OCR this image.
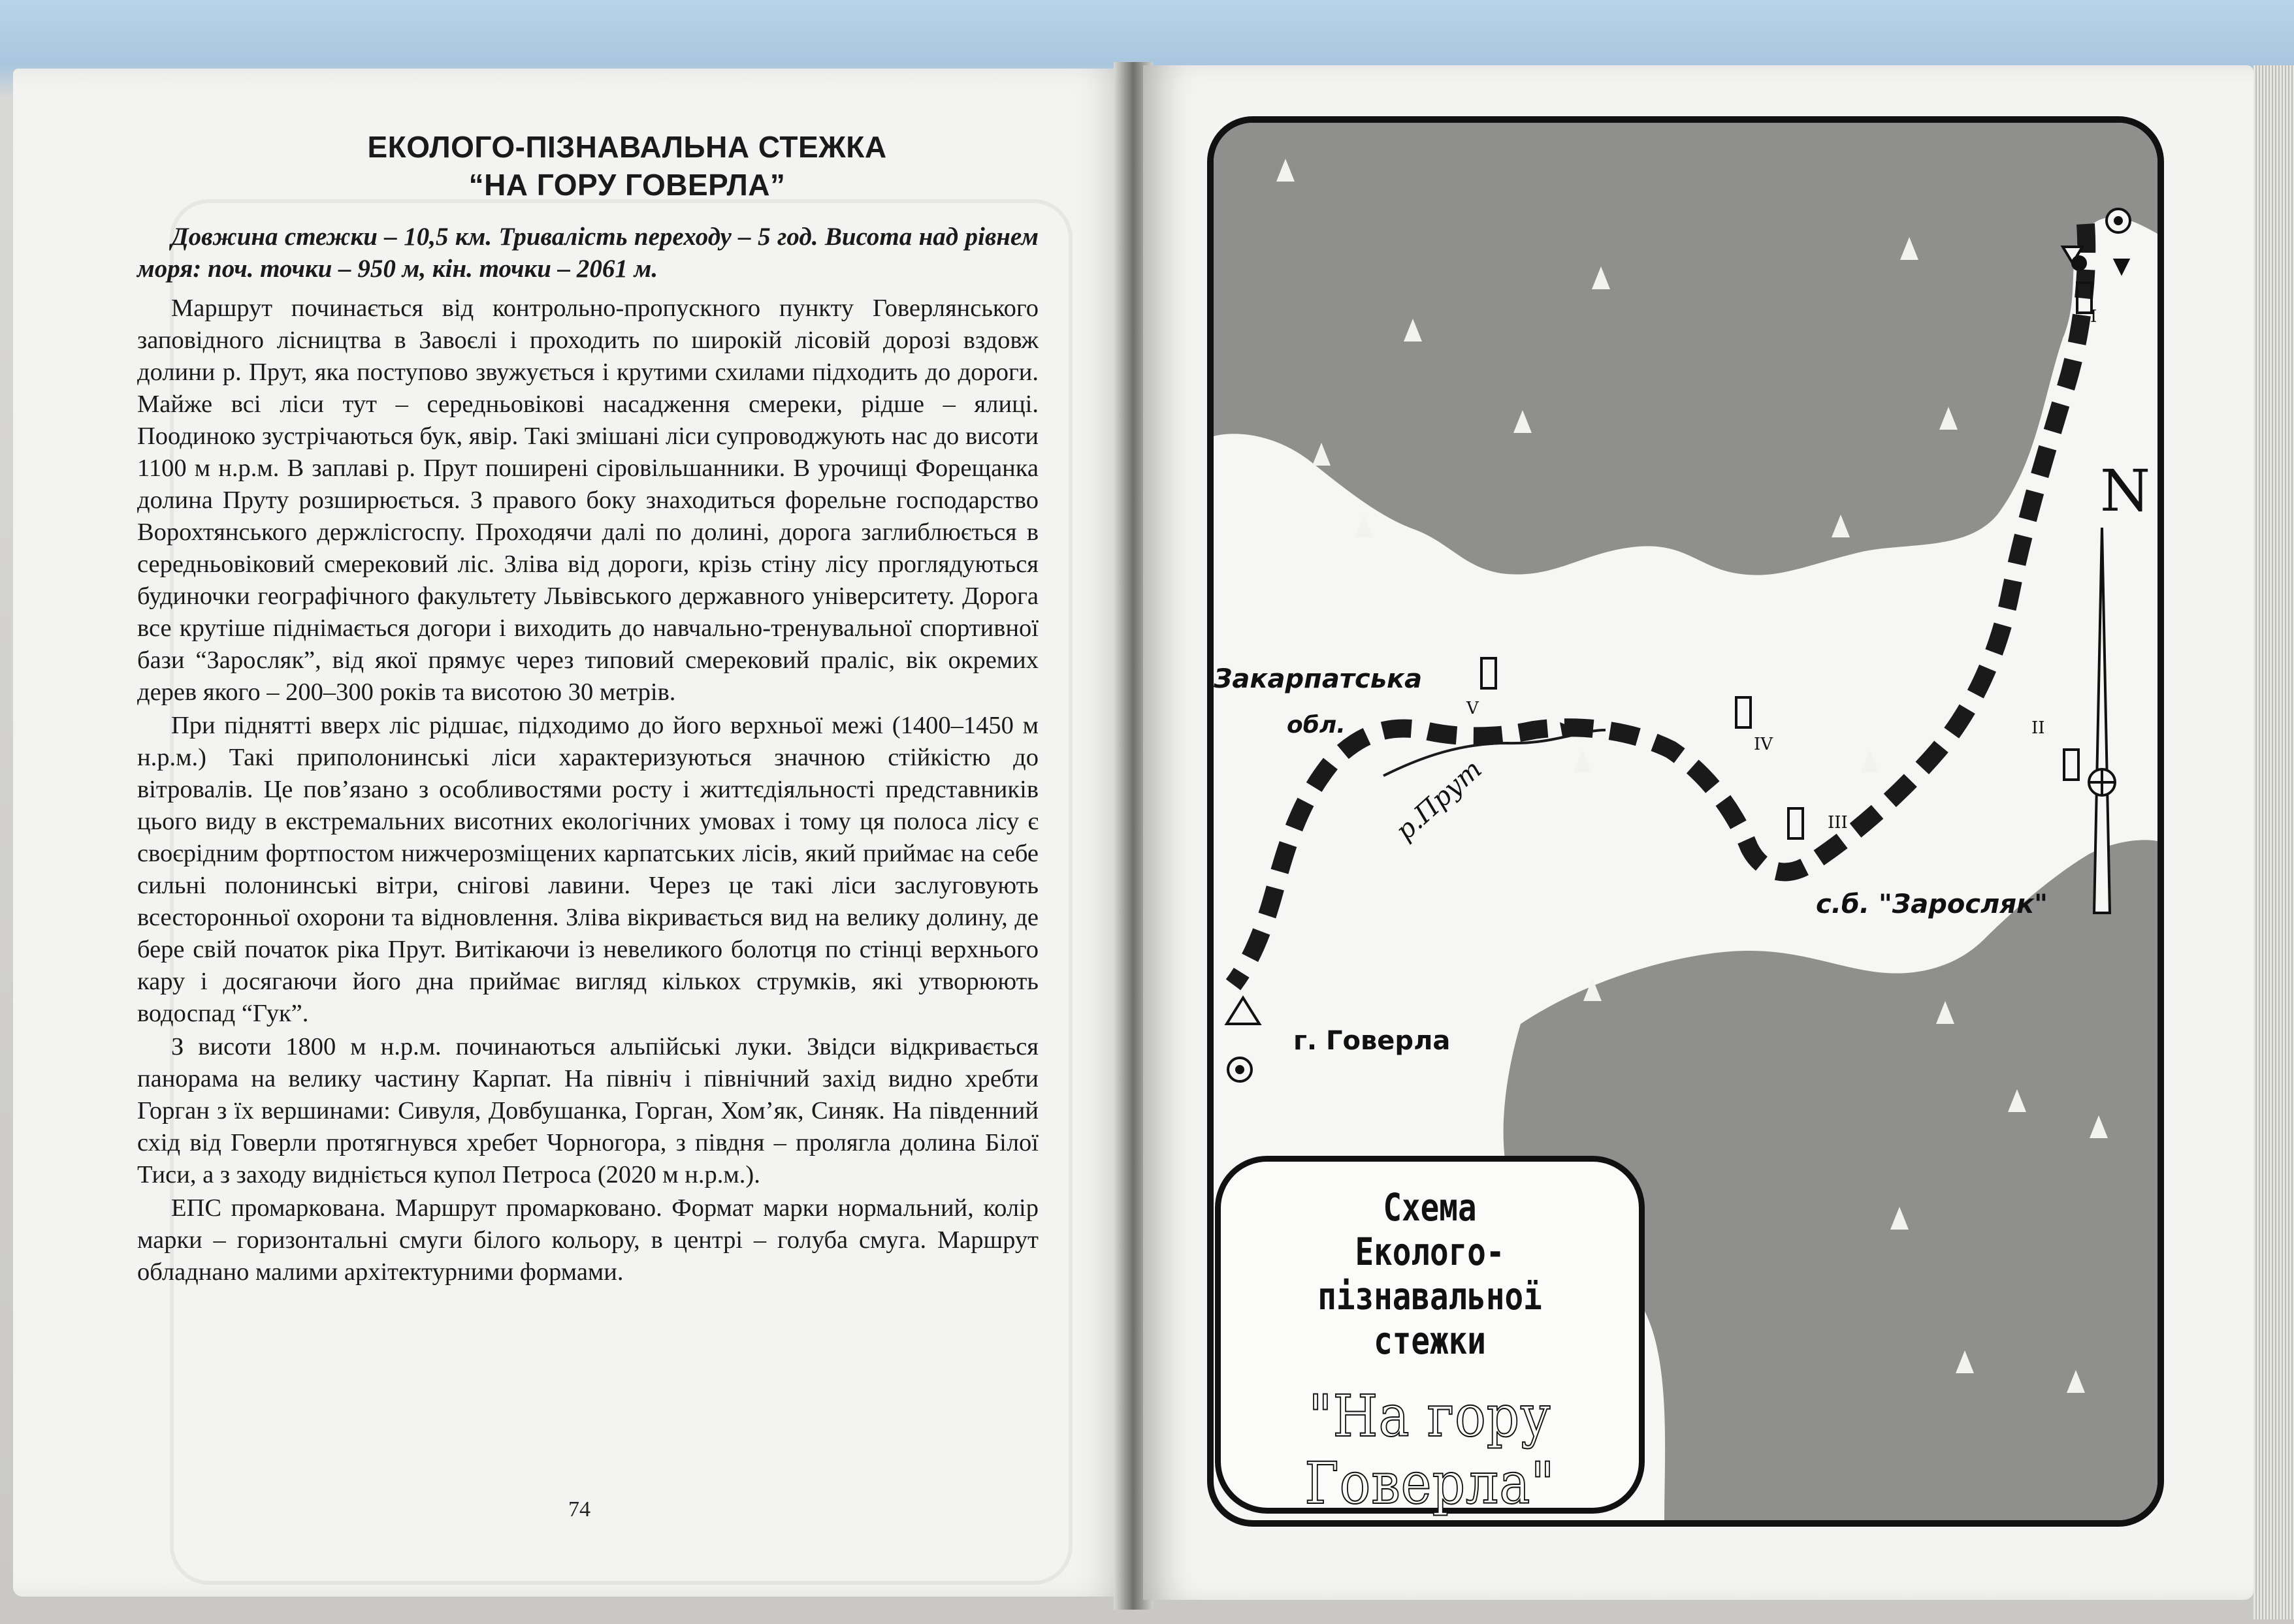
ЕКОЛОГО-ПІЗНАВАЛЬНА СТЕЖКА
“НА ГОРУ ГОВЕРЛА”

Довжина стежки – 10,5 км. Тривалість переходу – 5 год. Висота над рівнем моря: поч. точки – 950 м, кін. точки – 2061 м.

Маршрут починається від контрольно-пропускного пункту Говерлянського заповідного лісництва в Завоєлі і проходить по широкій лісовій дорозі вздовж долини р. Прут, яка поступово звужується і крутими схилами підходить до дороги. Майже всі ліси тут – середньовікові насадження смереки, рідше – ялиці. Поодиноко зустрічаються бук, явір. Такі змішані ліси супроводжують нас до висоти 1100 м н.р.м. В заплаві р. Прут поширені сіровільшанники. В урочищі Форещанка долина Пруту розширюється. З правого боку знаходиться форельне господарство Ворохтянського держлісгоспу. Проходячи далі по долині, дорога заглиблюється в середньовіковий смерековий ліс. Зліва від дороги, крізь стіну лісу проглядуються будиночки географічного факультету Львівського державного університету. Дорога все крутіше піднімається догори і виходить до навчально-тренувальної спортивної бази “Заросляк”, від якої прямує через типовий смерековий праліс, вік окремих дерев якого – 200–300 років та висотою 30 метрів.

При піднятті вверх ліс рідшає, підходимо до його верхньої межі (1400–1450 м н.р.м.) Такі приполонинські ліси характеризуються значною стійкістю до вітровалів. Це пов’язано з особливостями росту і життєдіяльності представників цього виду в екстремальних висотних екологічних умовах і тому ця полоса лісу є своєрідним фортпостом нижчерозміщених карпатських лісів, який приймає на себе сильні полонинські вітри, снігові лавини. Через це такі ліси заслуговують всесторонньої охорони та відновлення. Зліва вікривається вид на велику долину, де бере свій початок ріка Прут. Витікаючи із невеликого болотця по стінці верхнього кару і досягаючи його дна приймає вигляд кількох струмків, які утворюють водоспад “Гук”.

З висоти 1800 м н.р.м. починаються альпійські луки. Звідси відкривається панорама на велику частину Карпат. На північ і північний захід видно хребти Горган з їх вершинами: Сивуля, Довбушанка, Горган, Хом’як, Синяк. На південний схід від Говерли протягнувся хребет Чорногора, з півдня – пролягла долина Білої Тиси, а з заходу видніється купол Петроса (2020 м н.р.м.).

ЕПС промаркована. Маршрут промарковано. Формат марки нормальний, колір марки – горизонтальні смуги білого кольору, в центрі – голуба смуга. Маршрут обладнано малими архітектурними формами.

74
Закарпатська
обл.
г. Говерла
с.б. "Заросляк"
N
р.Прут
I
II
III
IV
V
Схема
Еколого-пізнавальної
стежки
"На гору Говерла"
